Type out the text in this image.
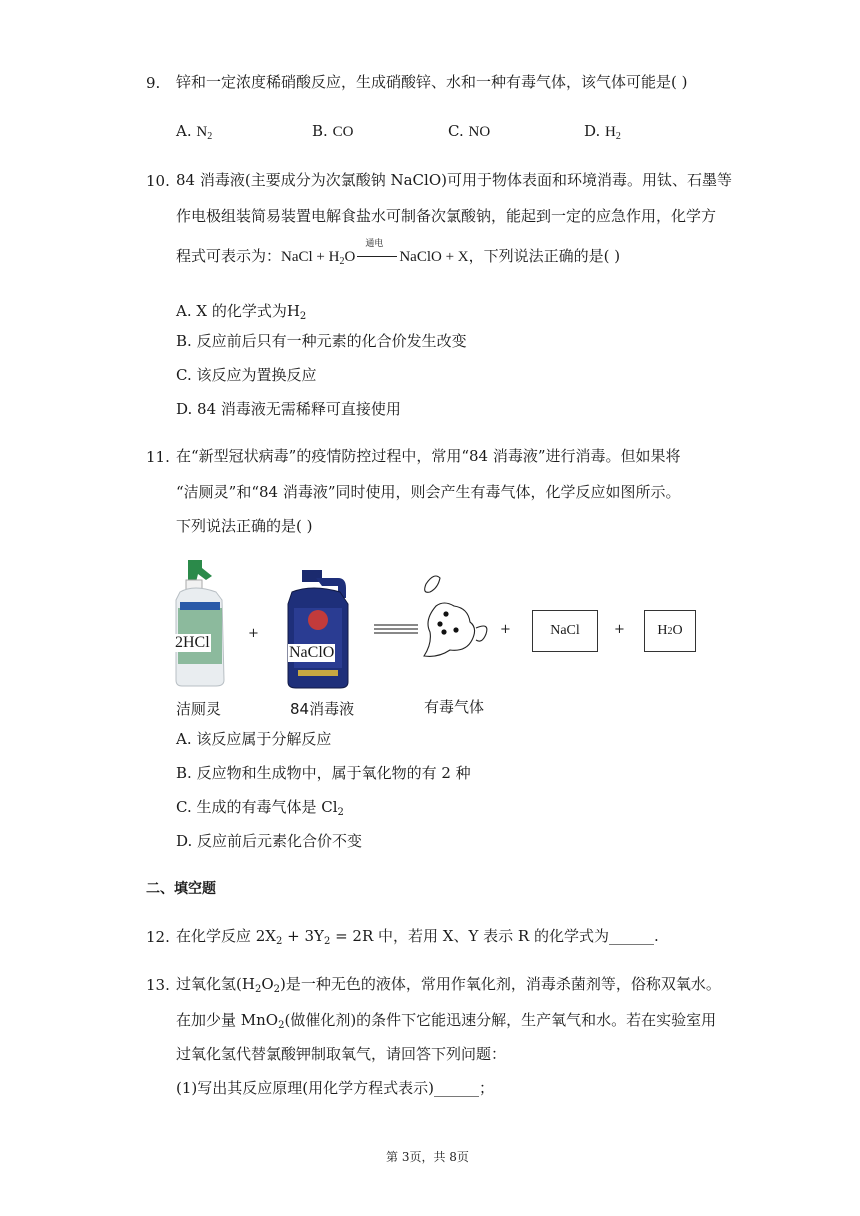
9. 锌和一定浓度稀硝酸反应，生成硝酸锌、水和一种有毒气体，该气体可能是( )
A. $N_2$	B. CO	C. NO	D. $H_2$
10. 84 消毒液(主要成分为次氯酸钠 NaClO)可用于物体表面和环境消毒。用钛、石墨等
作电极组装简易装置电解食盐水可制备次氯酸钠，能起到一定的应急作用，化学方
程式可表示为：NaCl + $H_2O$
通电
NaClO + X，下列说法正确的是( )
A. X 的化学式为$H_2$
B. 反应前后只有一种元素的化合价发生改变
C. 该反应为置换反应
D. 84 消毒液无需稀释可直接使用
11. 在“新型冠状病毒”的疫情防控过程中，常用“84 消毒液”进行消毒。但如果将
“洁厕灵”和“84 消毒液”同时使用，则会产生有毒气体，化学反应如图所示。
下列说法正确的是( )
2HCl
+
NaClO
+	NaCl	+ H 2 O
洁厕灵	84消毒液	有毒气体
A. 该反应属于分解反应
B. 反应物和生成物中，属于氧化物的有 2 种
C. 生成的有毒气体是 $Cl_2$
D. 反应前后元素化合价不变
二、填空题
12. 在化学反应 $2X_2 + 3Y_2 = 2R$ 中，若用 X、Y 表示 R 的化学式为______.
13. 过氧化氢$(H_2O_2)$是一种无色的液体，常用作氧化剂，消毒杀菌剂等，俗称双氧水。
在加少量 MnO$_2$(做催化剂)的条件下它能迅速分解，生产氧气和水。若在实验室用
过氧化氢代替氯酸钾制取氧气，请回答下列问题：
(1)写出其反应原理(用化学方程式表示)______；
第 3页，共 8页
